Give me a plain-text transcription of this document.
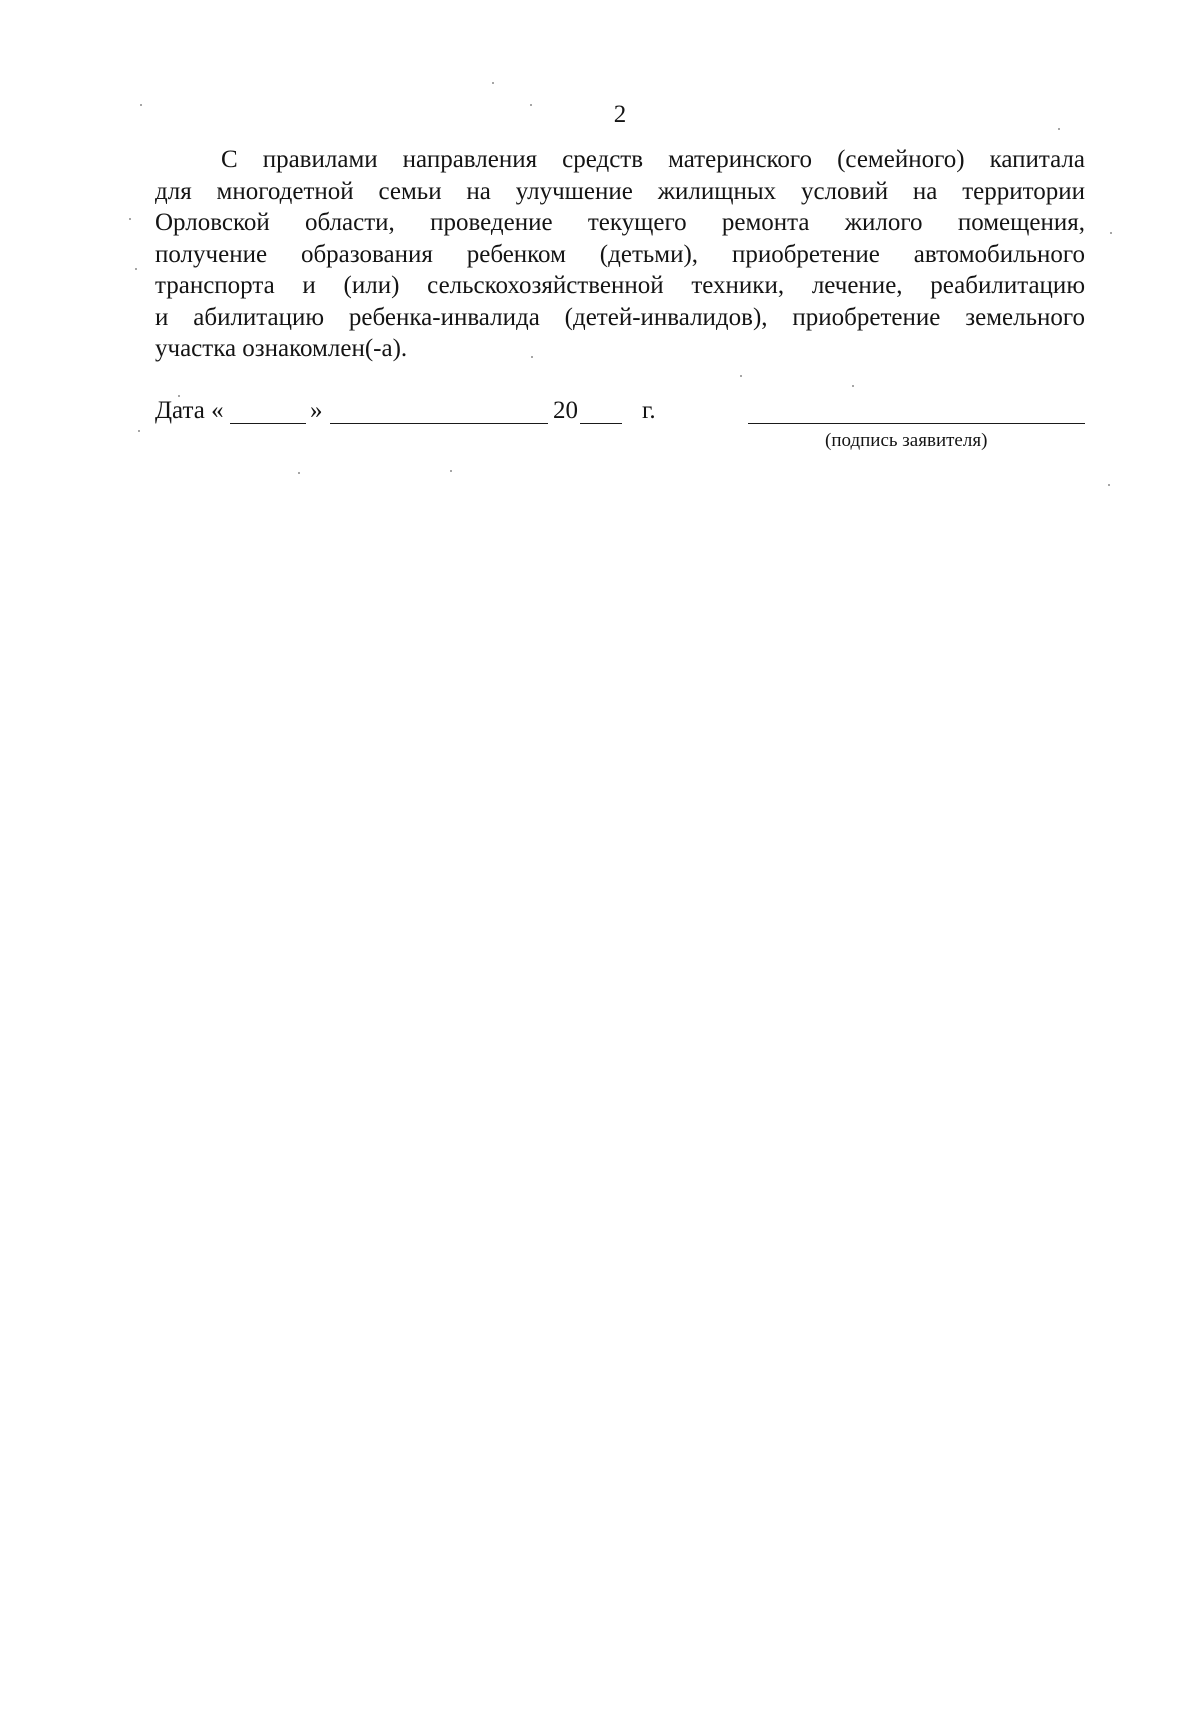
2
С правилами направления средств материнского (семейного) капитала
для многодетной семьи на улучшение жилищных условий на территории
Орловской области, проведение текущего ремонта жилого помещения,
получение образования ребенком (детьми), приобретение автомобильного
транспорта и (или) сельскохозяйственной техники, лечение, реабилитацию
и абилитацию ребенка-инвалида (детей-инвалидов), приобретение земельного
участка ознакомлен(-а).
Дата «	»	20	г.
(подпись заявителя)
